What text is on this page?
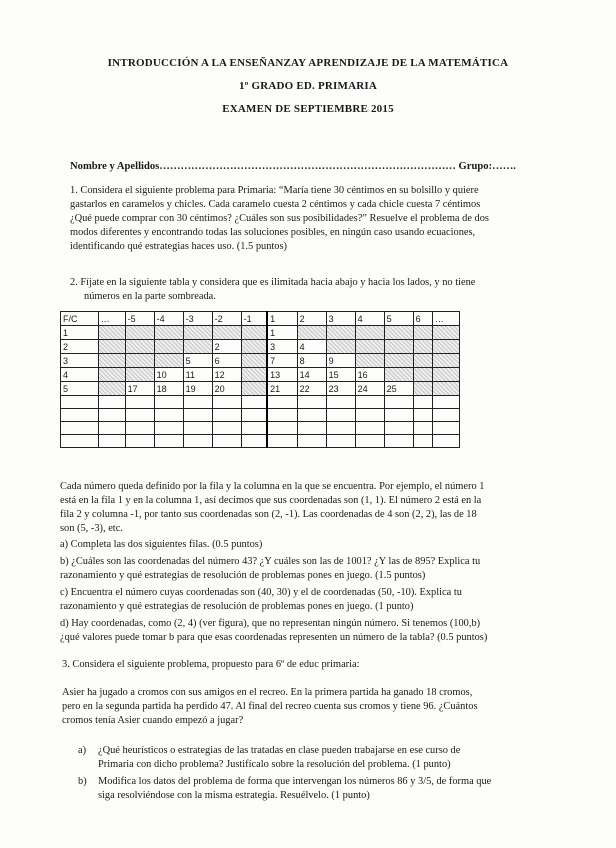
INTRODUCCIÓN A LA ENSEÑANZAY APRENDIZAJE DE LA MATEMÁTICA
1º GRADO ED. PRIMARIA
EXAMEN DE SEPTIEMBRE 2015
Nombre y Apellidos………………………………………………………………………… Grupo:…….
1. Considera el siguiente problema para Primaria: “María tiene 30 céntimos en su bolsillo y quiere
gastarlos en caramelos y chicles. Cada caramelo cuesta 2 céntimos y cada chicle cuesta 7 céntimos
¿Qué puede comprar con 30 céntimos? ¿Cuáles son sus posibilidades?” Resuelve el problema de dos
modos diferentes y encontrando todas las soluciones posibles, en ningún caso usando ecuaciones,
identificando qué estrategias haces uso. (1.5 puntos)
2. Fíjate en la siguiente tabla y considera que es ilimitada hacia abajo y hacia los lados, y no tiene
números en la parte sombreada.
F/C	…	-5	-4	-3	-2	-1	1	2	3	4	5	6	…
1							1						
2					2		3	4					
3				5	6		7	8	9				
4			10	11	12		13	14	15	16			
5		17	18	19	20		21	22	23	24	25		

Cada número queda definido por la fila y la columna en la que se encuentra. Por ejemplo, el número 1
está en la fila 1 y en la columna 1, así decimos que sus coordenadas son (1, 1). El número 2 está en la
fila 2 y columna -1, por tanto sus coordenadas son (2, -1). Las coordenadas de 4 son (2, 2), las de 18
son (5, -3), etc.
a) Completa las dos siguientes filas. (0.5 puntos)
b) ¿Cuáles son las coordenadas del número 43? ¿Y cuáles son las de 1001? ¿Y las de 895? Explica tu
razonamiento y qué estrategias de resolución de problemas pones en juego. (1.5 puntos)
c) Encuentra el número cuyas coordenadas son (40, 30) y el de coordenadas (50, -10). Explica tu
razonamiento y qué estrategias de resolución de problemas pones en juego. (1 punto)
d) Hay coordenadas, como (2, 4) (ver figura), que no representan ningún número. Si tenemos (100,b)
¿qué valores puede tomar b para que esas coordenadas representen un número de la tabla? (0.5 puntos)
3. Considera el siguiente problema, propuesto para 6º de educ primaria:
Asier ha jugado a cromos con sus amigos en el recreo. En la primera partida ha ganado 18 cromos,
pero en la segunda partida ha perdido 47. Al final del recreo cuenta sus cromos y tiene 96. ¿Cuántos
cromos tenía Asier cuando empezó a jugar?
a) ¿Qué heurísticos o estrategias de las tratadas en clase pueden trabajarse en ese curso de
Primaria con dicho problema? Justifícalo sobre la resolución del problema. (1 punto)
b) Modifica los datos del problema de forma que intervengan los números 86 y 3/5, de forma que
siga resolviéndose con la misma estrategia. Resuélvelo. (1 punto)
